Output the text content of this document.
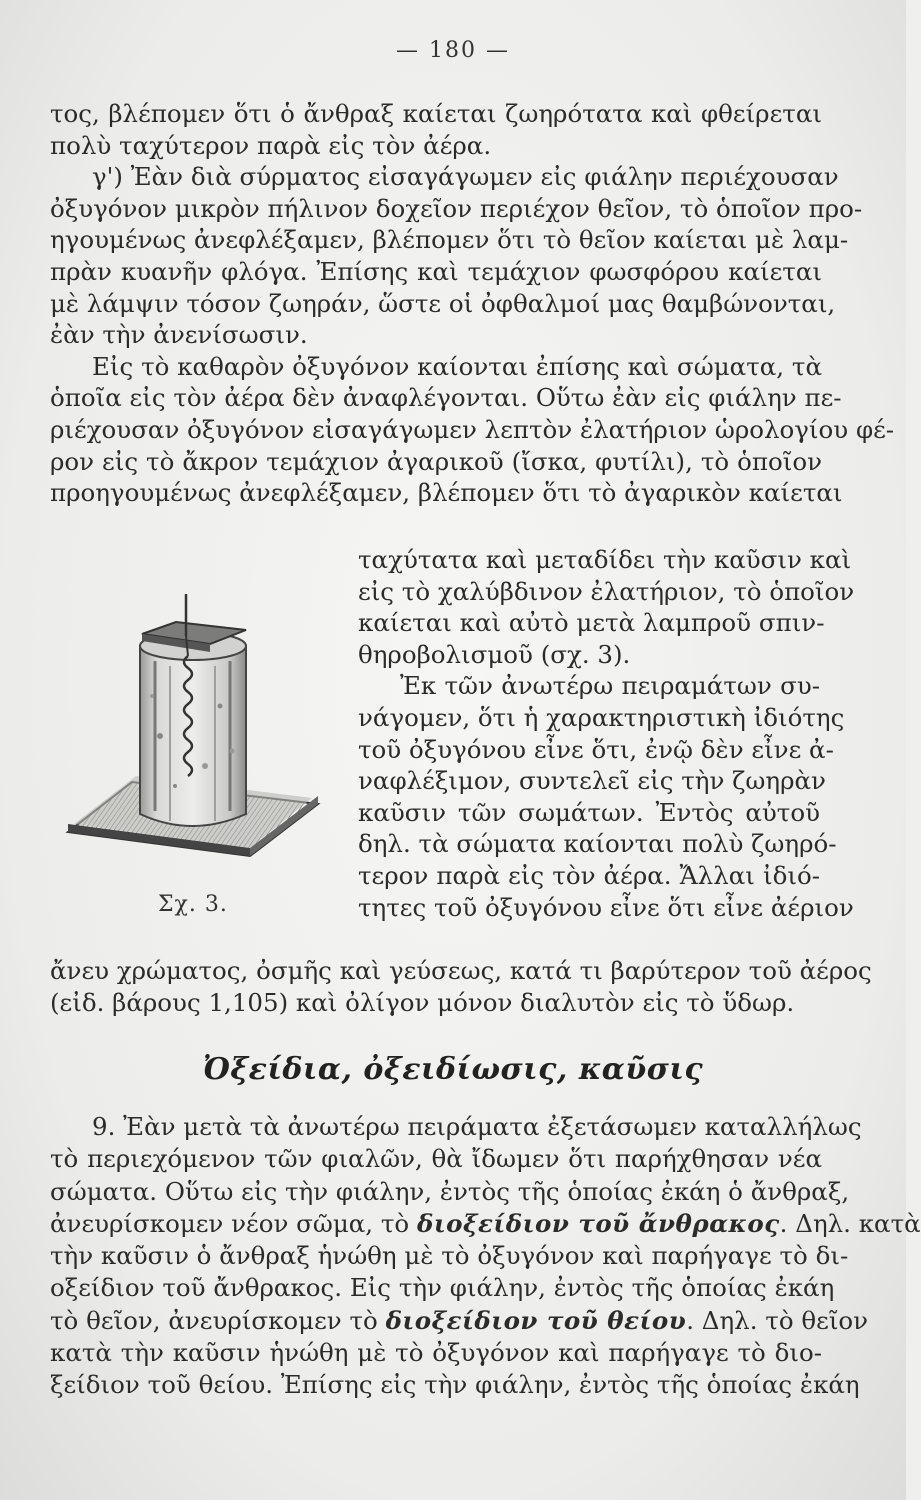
— 180 —
τος, βλέπομεν ὅτι ὁ ἄνθραξ καίεται ζωηρότατα καὶ φθείρεται
πολὺ ταχύτερον παρὰ εἰς τὸν ἀέρα.
γ') Ἐὰν διὰ σύρματος εἰσαγάγωμεν εἰς φιάλην περιέχουσαν
ὀξυγόνον μικρὸν πήλινον δοχεῖον περιέχον θεῖον, τὸ ὁποῖον προ-
ηγουμένως ἀνεφλέξαμεν, βλέπομεν ὅτι τὸ θεῖον καίεται μὲ λαμ-
πρὰν κυανῆν φλόγα. Ἐπίσης καὶ τεμάχιον φωσφόρου καίεται
μὲ λάμψιν τόσον ζωηράν, ὥστε οἱ ὀφθαλμοί μας θαμβώνονται,
ἐὰν τὴν ἀνενίσωσιν.
Εἰς τὸ καθαρὸν ὀξυγόνον καίονται ἐπίσης καὶ σώματα, τὰ
ὁποῖα εἰς τὸν ἀέρα δὲν ἀναφλέγονται. Οὕτω ἐὰν εἰς φιάλην πε-
ριέχουσαν ὀξυγόνον εἰσαγάγωμεν λεπτὸν ἐλατήριον ὡρολογίου φέ-
ρον εἰς τὸ ἄκρον τεμάχιον ἀγαρικοῦ (ἴσκα, φυτίλι), τὸ ὁποῖον
προηγουμένως ἀνεφλέξαμεν, βλέπομεν ὅτι τὸ ἀγαρικὸν καίεται
ταχύτατα καὶ μεταδίδει τὴν καῦσιν καὶ
εἰς τὸ χαλύβδινον ἐλατήριον, τὸ ὁποῖον
καίεται καὶ αὐτὸ μετὰ λαμπροῦ σπιν-
θηροβολισμοῦ (σχ. 3).
Ἐκ τῶν ἀνωτέρω πειραμάτων συ-
νάγομεν, ὅτι ἡ χαρακτηριστικὴ ἰδιότης
τοῦ ὀξυγόνου εἶνε ὅτι, ἐνῷ δὲν εἶνε ἀ-
ναφλέξιμον, συντελεῖ εἰς τὴν ζωηρὰν
καῦσιν τῶν σωμάτων. Ἐντὸς αὐτοῦ
δηλ. τὰ σώματα καίονται πολὺ ζωηρό-
τερον παρὰ εἰς τὸν ἀέρα. Ἄλλαι ἰδιό-
τητες τοῦ ὀξυγόνου εἶνε ὅτι εἶνε ἀέριον
Σχ. 3.
ἄνευ χρώματος, ὀσμῆς καὶ γεύσεως, κατά τι βαρύτερον τοῦ ἀέρος
(εἰδ. βάρους 1,105) καὶ ὀλίγον μόνον διαλυτὸν εἰς τὸ ὕδωρ.
Ὀξείδια, ὀξειδίωσις, καῦσις
9. Ἐὰν μετὰ τὰ ἀνωτέρω πειράματα ἐξετάσωμεν καταλλήλως
τὸ περιεχόμενον τῶν φιαλῶν, θὰ ἴδωμεν ὅτι παρήχθησαν νέα
σώματα. Οὕτω εἰς τὴν φιάλην, ἐντὸς τῆς ὁποίας ἐκάη ὁ ἄνθραξ,
ἀνευρίσκομεν νέον σῶμα, τὸ διοξείδιον τοῦ ἄνθρακος. Δηλ. κατὰ
τὴν καῦσιν ὁ ἄνθραξ ἡνώθη μὲ τὸ ὀξυγόνον καὶ παρήγαγε τὸ δι-
οξείδιον τοῦ ἄνθρακος. Εἰς τὴν φιάλην, ἐντὸς τῆς ὁποίας ἐκάη
τὸ θεῖον, ἀνευρίσκομεν τὸ διοξείδιον τοῦ θείου. Δηλ. τὸ θεῖον
κατὰ τὴν καῦσιν ἡνώθη μὲ τὸ ὀξυγόνον καὶ παρήγαγε τὸ διο-
ξείδιον τοῦ θείου. Ἐπίσης εἰς τὴν φιάλην, ἐντὸς τῆς ὁποίας ἐκάη
